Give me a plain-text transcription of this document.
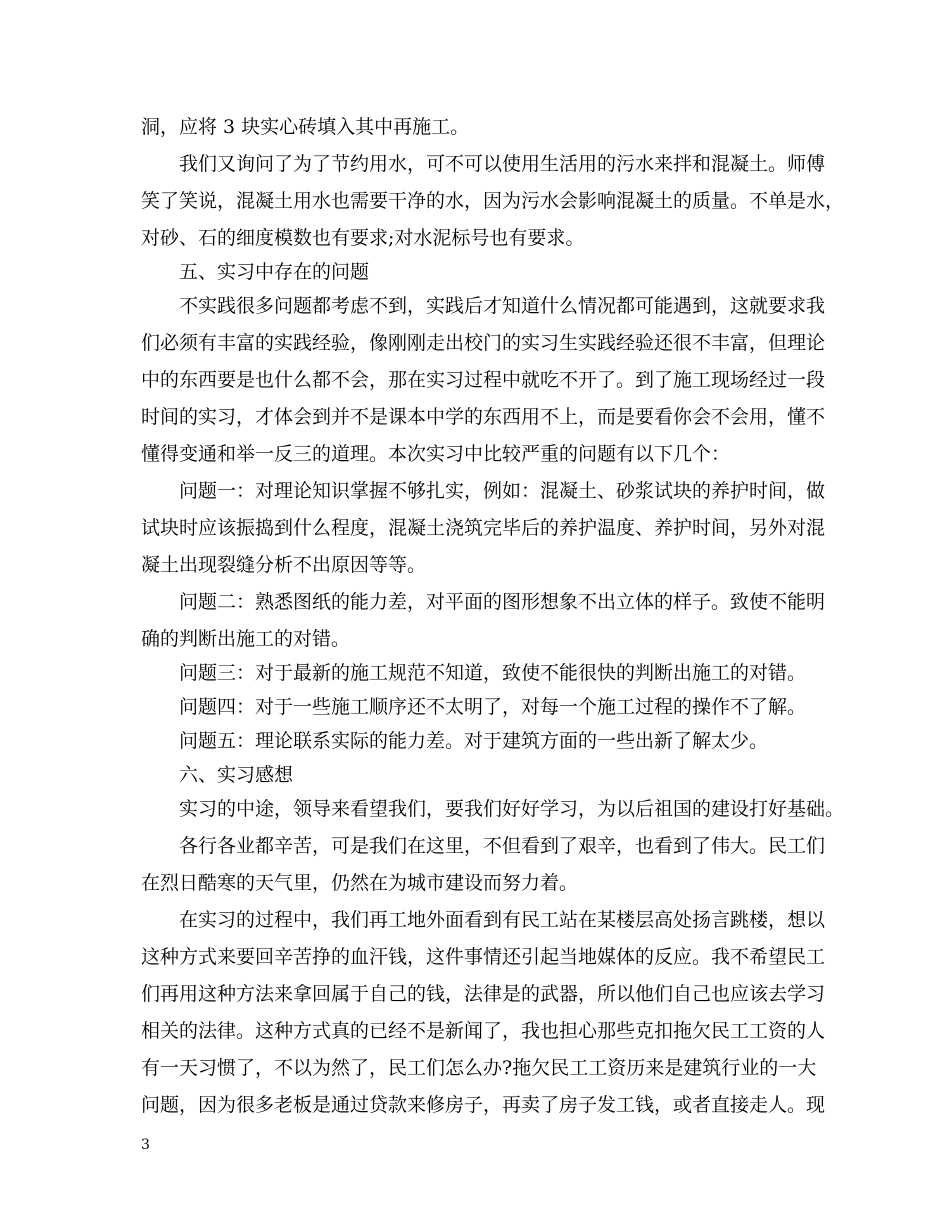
洞，应将 3 块实心砖填入其中再施工。
我们又询问了为了节约用水，可不可以使用生活用的污水来拌和混凝土。师傅
笑了笑说，混凝土用水也需要干净的水，因为污水会影响混凝土的质量。不单是水，
对砂、石的细度模数也有要求;对水泥标号也有要求。
五、实习中存在的问题
不实践很多问题都考虑不到，实践后才知道什么情况都可能遇到，这就要求我
们必须有丰富的实践经验，像刚刚走出校门的实习生实践经验还很不丰富，但理论
中的东西要是也什么都不会，那在实习过程中就吃不开了。到了施工现场经过一段
时间的实习，才体会到并不是课本中学的东西用不上，而是要看你会不会用，懂不
懂得变通和举一反三的道理。本次实习中比较严重的问题有以下几个：
问题一：对理论知识掌握不够扎实，例如：混凝土、砂浆试块的养护时间，做
试块时应该振捣到什么程度，混凝土浇筑完毕后的养护温度、养护时间，另外对混
凝土出现裂缝分析不出原因等等。
问题二：熟悉图纸的能力差，对平面的图形想象不出立体的样子。致使不能明
确的判断出施工的对错。
问题三：对于最新的施工规范不知道，致使不能很快的判断出施工的对错。
问题四：对于一些施工顺序还不太明了，对每一个施工过程的操作不了解。
问题五：理论联系实际的能力差。对于建筑方面的一些出新了解太少。
六、实习感想
实习的中途，领导来看望我们，要我们好好学习，为以后祖国的建设打好基础。
各行各业都辛苦，可是我们在这里，不但看到了艰辛，也看到了伟大。民工们
在烈日酷寒的天气里，仍然在为城市建设而努力着。
在实习的过程中，我们再工地外面看到有民工站在某楼层高处扬言跳楼，想以
这种方式来要回辛苦挣的血汗钱，这件事情还引起当地媒体的反应。我不希望民工
们再用这种方法来拿回属于自己的钱，法律是的武器，所以他们自己也应该去学习
相关的法律。这种方式真的已经不是新闻了，我也担心那些克扣拖欠民工工资的人
有一天习惯了，不以为然了，民工们怎么办?拖欠民工工资历来是建筑行业的一大
问题，因为很多老板是通过贷款来修房子，再卖了房子发工钱，或者直接走人。现
3
